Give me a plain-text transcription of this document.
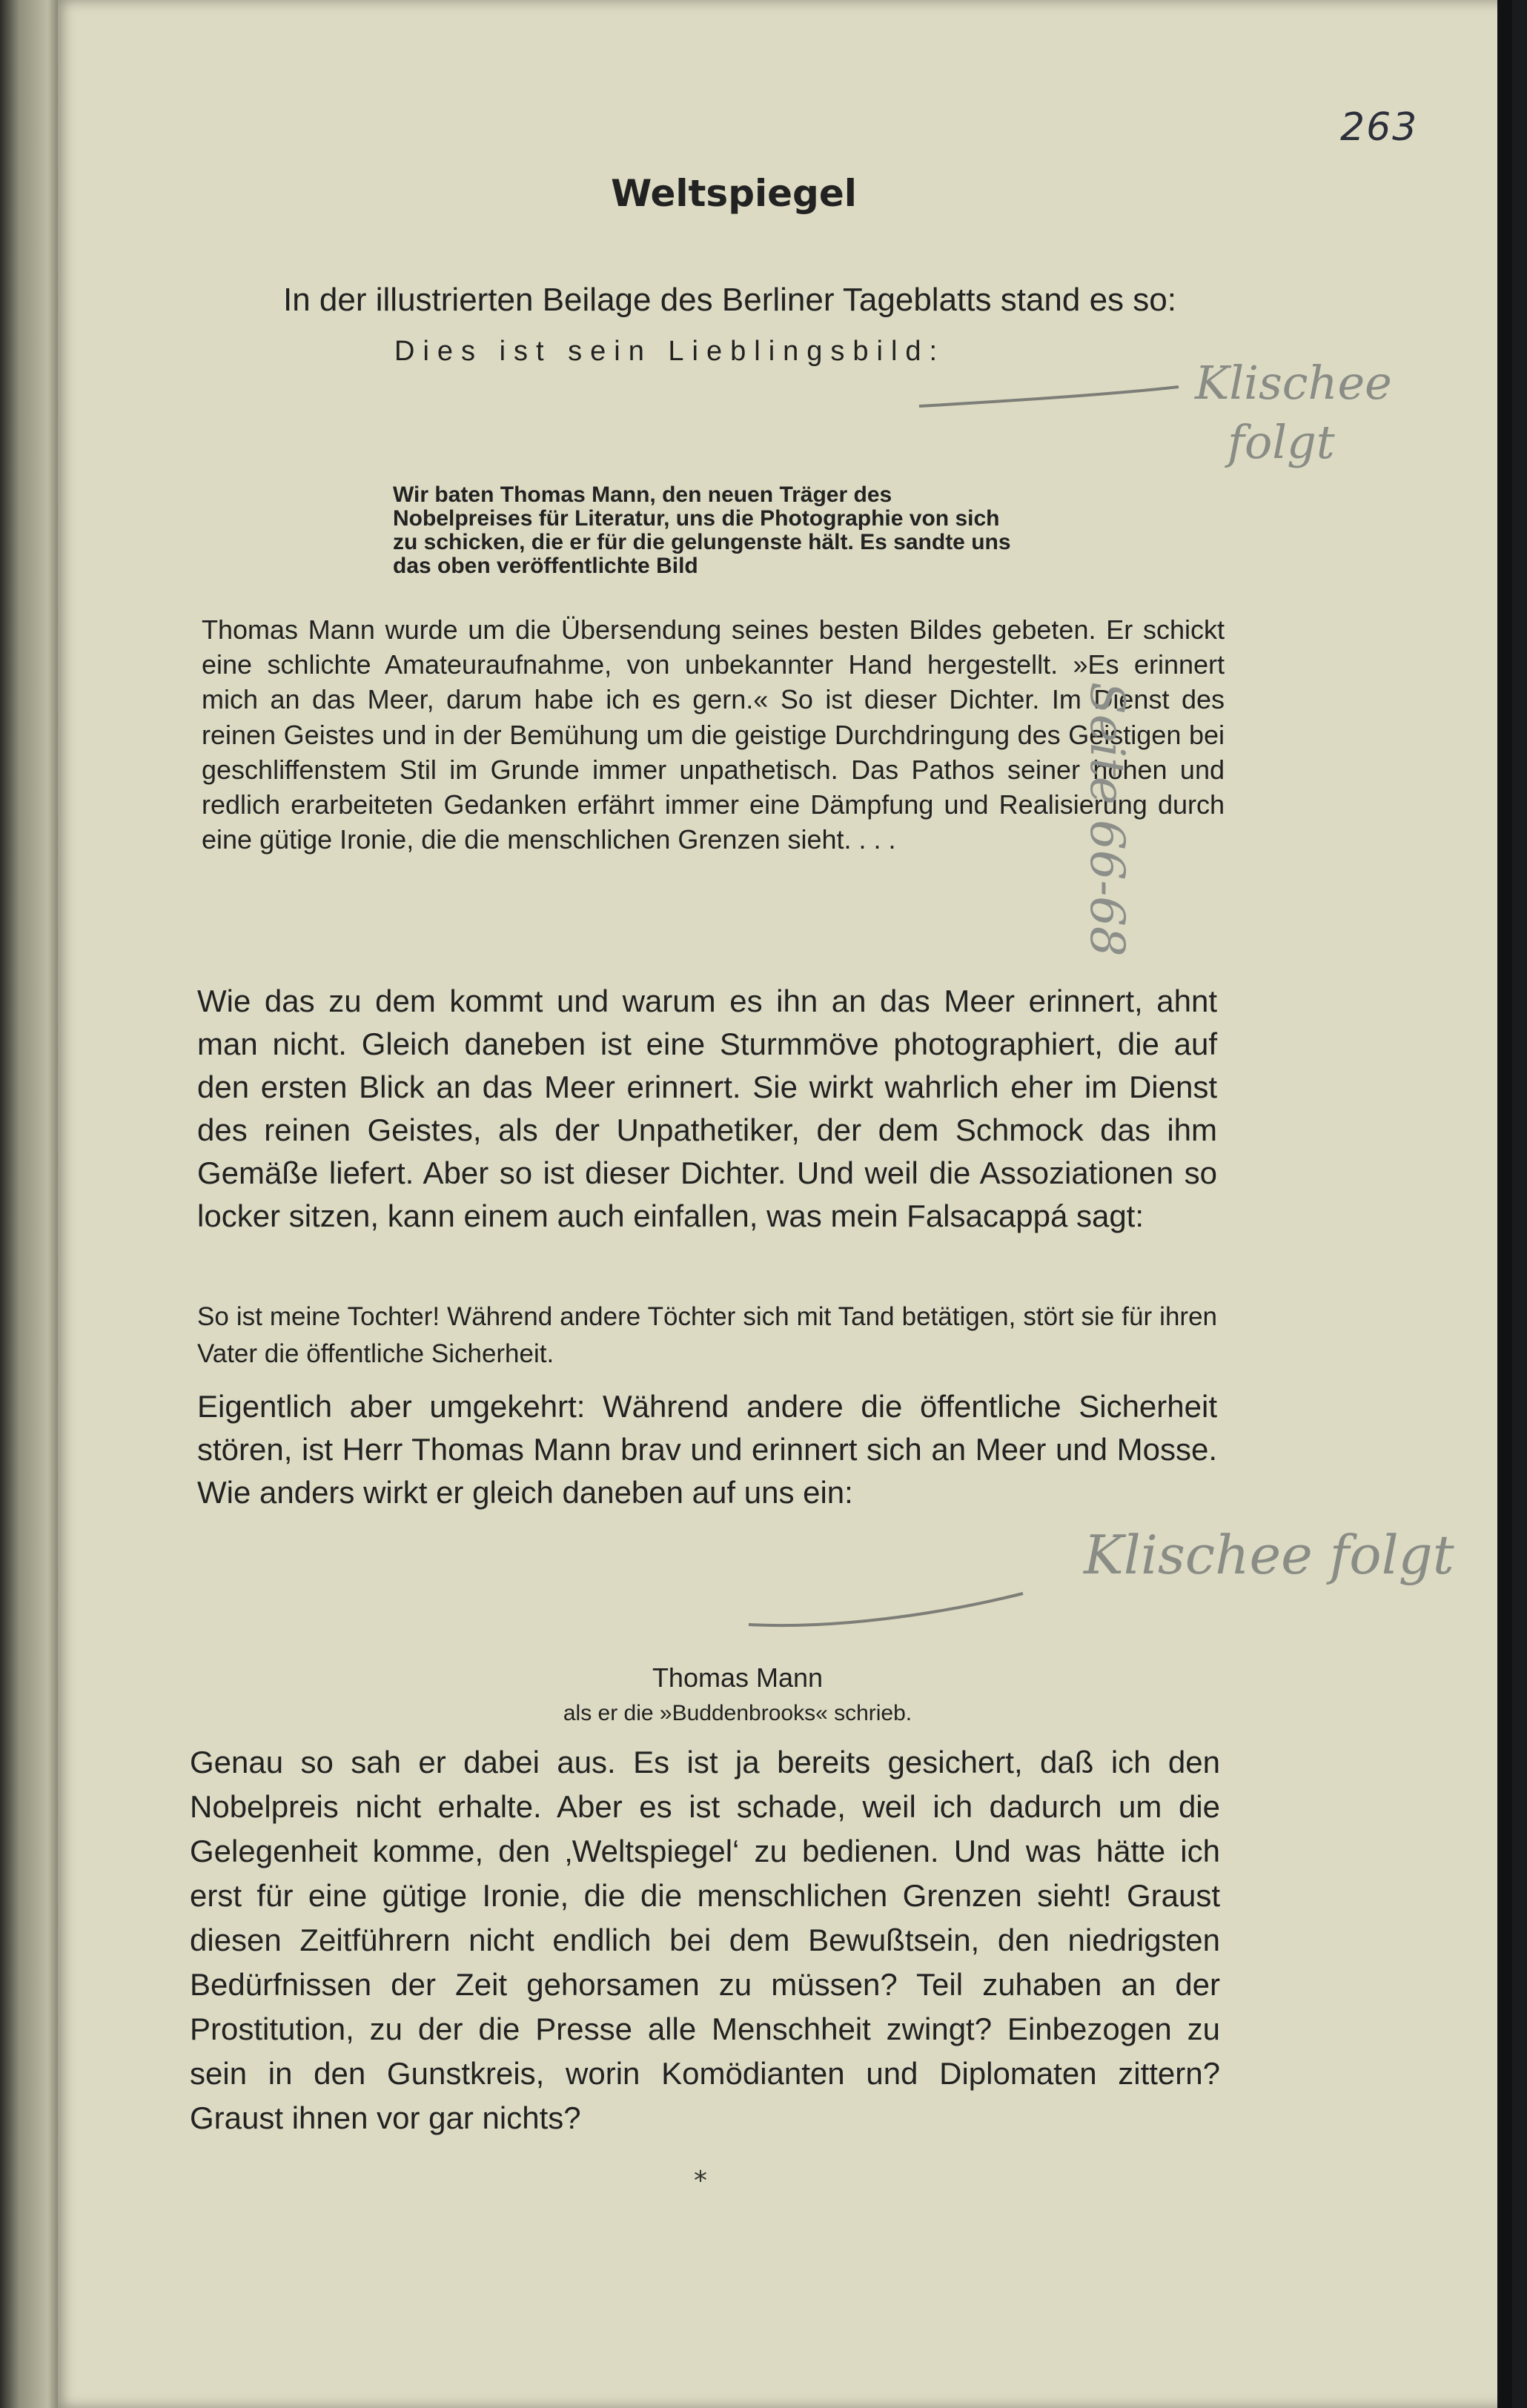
263
Weltspiegel
In der illustrierten Beilage des Berliner Tageblatts stand es so:
Dies ist sein Lieblingsbild:
Wir baten Thomas Mann, den neuen Träger des Nobelpreises für Literatur, uns die Photographie von sich zu schicken, die er für die gelungenste hält. Es sandte uns das oben veröffentlichte Bild

Thomas Mann wurde um die Übersendung seines besten Bildes gebeten. Er schickt eine schlichte Amateuraufnahme, von unbekannter Hand hergestellt. »Es erinnert mich an das Meer, darum habe ich es gern.« So ist dieser Dichter. Im Dienst des reinen Geistes und in der Bemühung um die geistige Durchdringung des Geistigen bei geschliffenstem Stil im Grunde immer unpathetisch. Das Pathos seiner hohen und redlich erarbeiteten Gedanken erfährt immer eine Dämpfung und Realisierung durch eine gütige Ironie, die die menschlichen Grenzen sieht. . . .

Wie das zu dem kommt und warum es ihn an das Meer erinnert, ahnt man nicht. Gleich daneben ist eine Sturmmöve photographiert, die auf den ersten Blick an das Meer erinnert. Sie wirkt wahrlich eher im Dienst des reinen Geistes, als der Unpathetiker, der dem Schmock das ihm Gemäße liefert. Aber so ist dieser Dichter. Und weil die Assoziationen so locker sitzen, kann einem auch einfallen, was mein Falsacappá sagt:

So ist meine Tochter! Während andere Töchter sich mit Tand betätigen, stört sie für ihren Vater die öffentliche Sicherheit.

Eigentlich aber umgekehrt: Während andere die öffentliche Sicherheit stören, ist Herr Thomas Mann brav und erinnert sich an Meer und Mosse. Wie anders wirkt er gleich daneben auf uns ein:

Thomas Mann
als er die »Buddenbrooks« schrieb.

Genau so sah er dabei aus. Es ist ja bereits gesichert, daß ich den Nobelpreis nicht erhalte. Aber es ist schade, weil ich dadurch um die Gelegenheit komme, den ‚Weltspiegel‘ zu bedienen. Und was hätte ich erst für eine gütige Ironie, die die menschlichen Grenzen sieht! Graust diesen Zeitführern nicht endlich bei dem Bewußtsein, den niedrigsten Bedürfnissen der Zeit gehorsamen zu müssen? Teil zuhaben an der Prostitution, zu der die Presse alle Menschheit zwingt? Einbezogen zu sein in den Gunstkreis, worin Komödianten und Diplomaten zittern? Graust ihnen vor gar nichts?

*
Klischee
folgt
Seite 66-68
Klischee folgt
